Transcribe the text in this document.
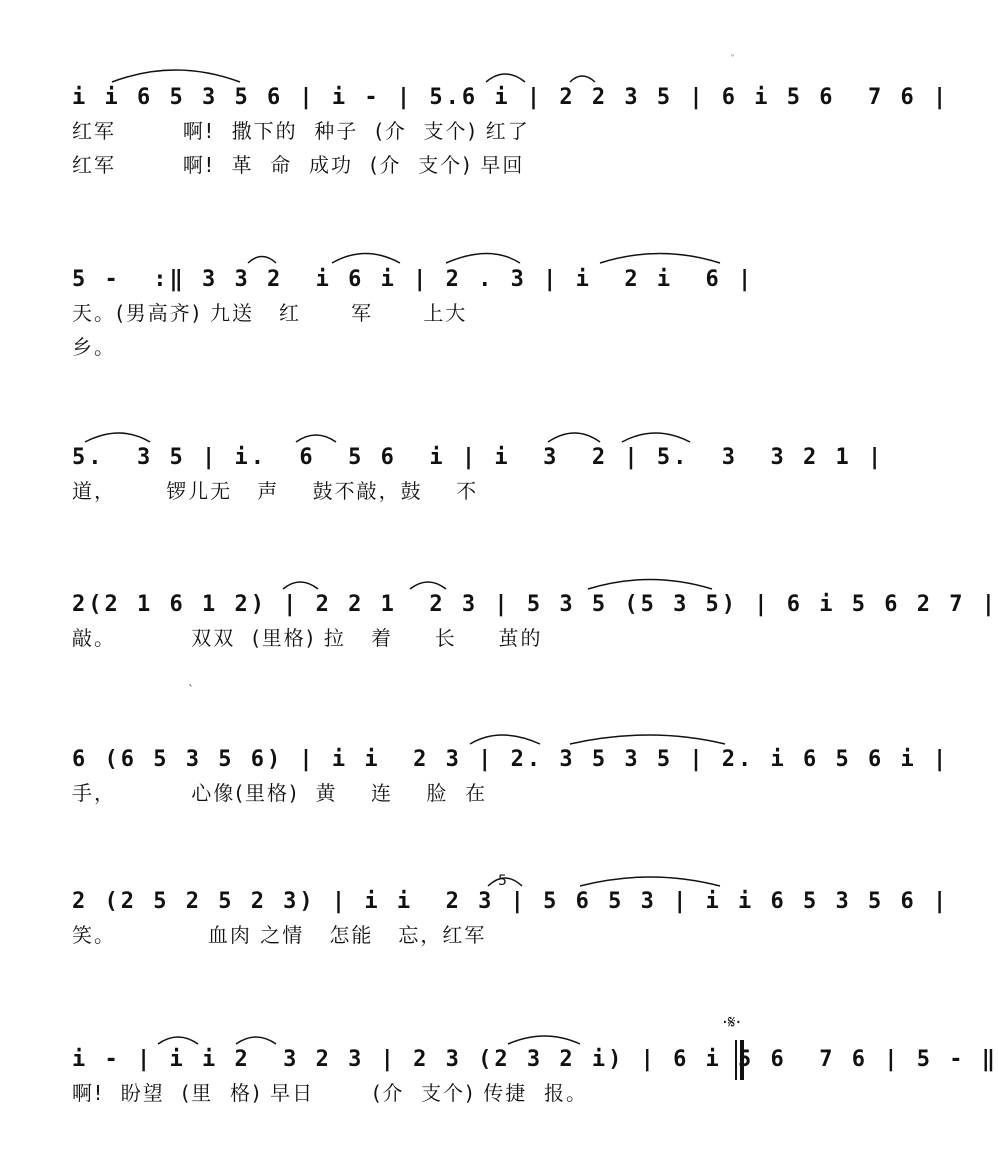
i i 6 5 3 5 6 | i - | 5.6 i | 2 2 3 5 | 6 i 5 6  7 6 |
红军        啊!  撒下的  种子  (介  支个) 红了
红军        啊!  革  命  成功  (介  支个) 早回
5 -  :‖ 3 3 2  i 6 i | 2 . 3 | i  2 i  6 |
天。(男高齐) 九送   红      军      上大
乡。
5.  3 5 | i.  6  5 6  i | i  3  2 | 5.  3  3 2 1 |
道，      锣儿无   声    鼓不敲，鼓    不
2(2 1 6 1 2) | 2 2 1  2 3 | 5 3 5 (5 3 5) | 6 i 5 6 2 7 |
敲。         双双  (里格) 拉   着     长     茧的
6 (6 5 3 5 6) | i i  2 3 | 2. 3 5 3 5 | 2. i 6 5 6 i |
手，         心像(里格)  黄    连    脸  在
2 (2 5 2 5 2 3) | i i  2 3 | 5 6 5 3 | i i 6 5 3 5 6 |
笑。           血肉 之情   怎能   忘，红军
i - | i i 2  3 2 3 | 2 3 (2 3 2 i) | 6 i 5 6  7 6 | 5 - ‖
啊!  盼望  (里  格) 早日       (介  支个) 传捷  报。
5
·𝄋·
˅
`
